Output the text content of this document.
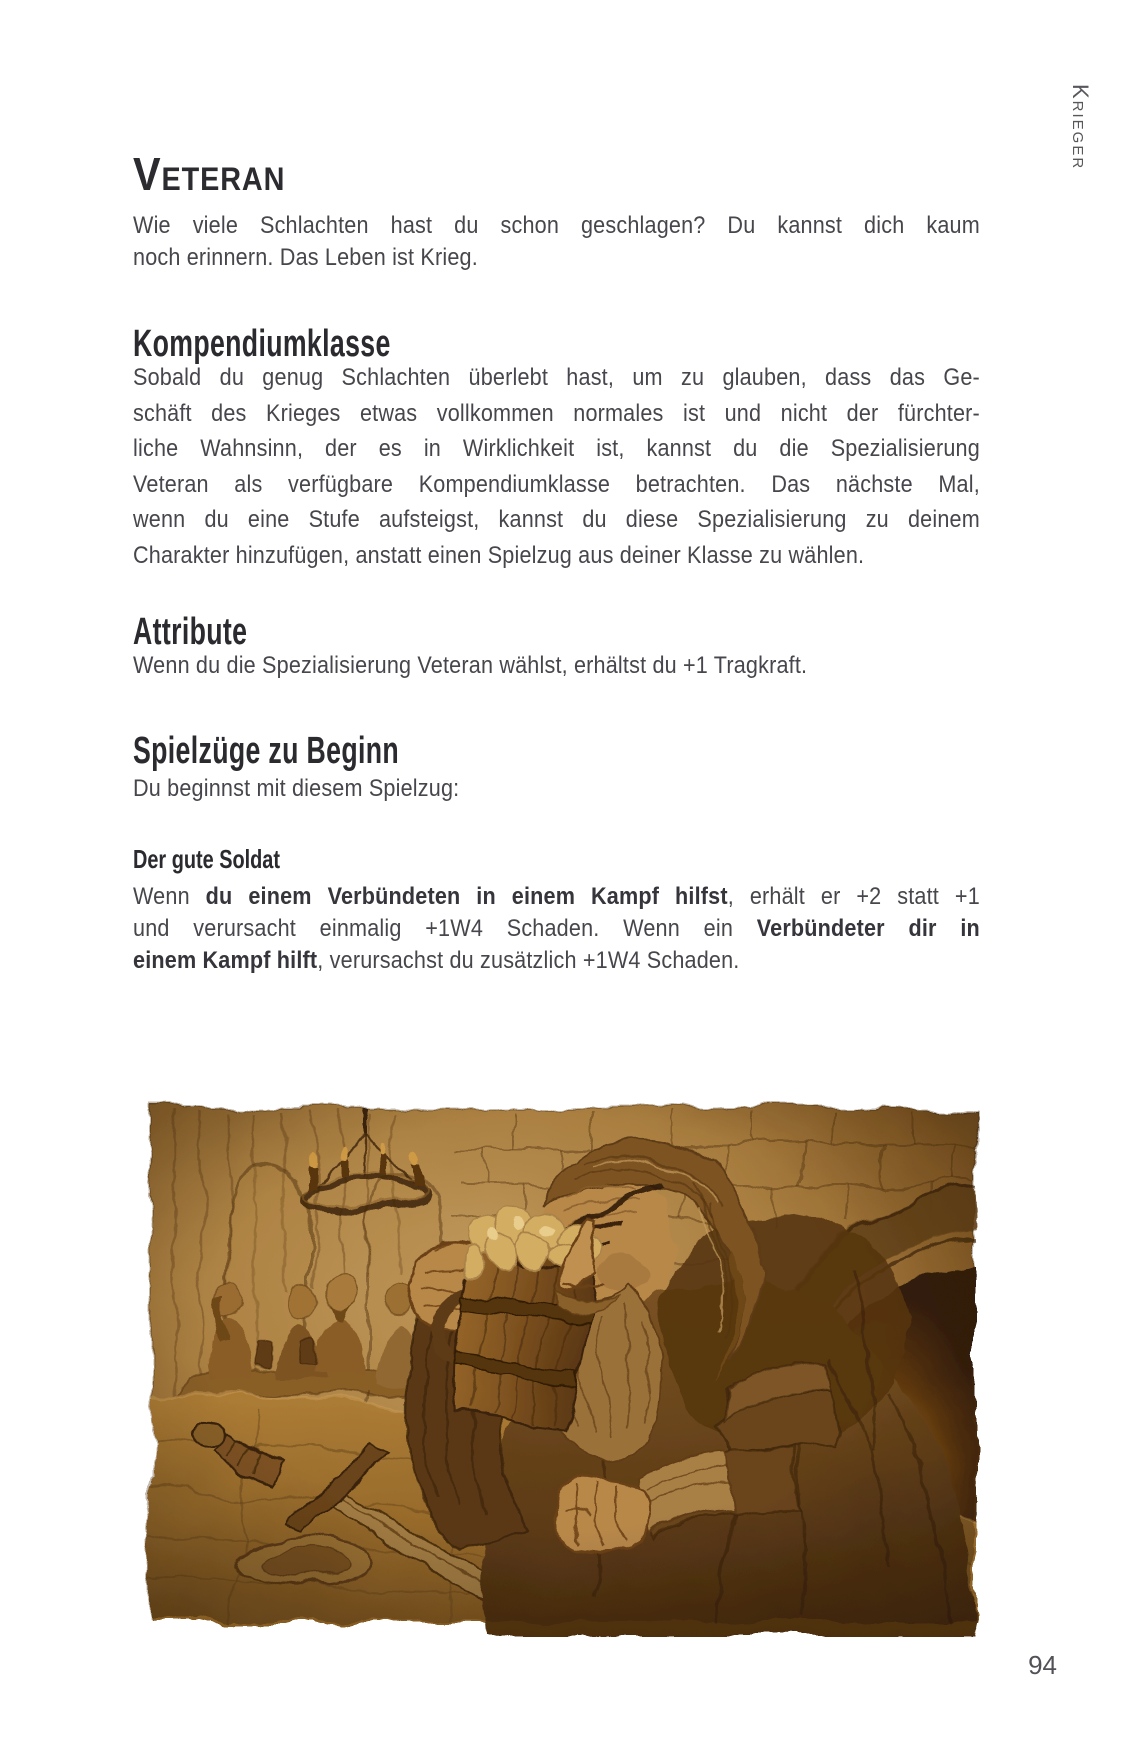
Krieger
Veteran
Wie viele Schlachten hast du schon geschlagen? Du kannst dich kaum
noch erinnern. Das Leben ist Krieg.
Kompendiumklasse
Sobald du genug Schlachten überlebt hast, um zu glauben, dass das Ge-
schäft des Krieges etwas vollkommen normales ist und nicht der fürchter-
liche Wahnsinn, der es in Wirklichkeit ist, kannst du die Spezialisierung
Veteran als verfügbare Kompendiumklasse betrachten. Das nächste Mal,
wenn du eine Stufe aufsteigst, kannst du diese Spezialisierung zu deinem
Charakter hinzufügen, anstatt einen Spielzug aus deiner Klasse zu wählen.
Attribute
Wenn du die Spezialisierung Veteran wählst, erhältst du +1 Tragkraft.
Spielzüge zu Beginn
Du beginnst mit diesem Spielzug:
Der gute Soldat
Wenn du einem Verbündeten in einem Kampf hilfst, erhält er +2 statt +1
und verursacht einmalig +1W4 Schaden. Wenn ein Verbündeter dir in
einem Kampf hilft, verursachst du zusätzlich +1W4 Schaden.
94
